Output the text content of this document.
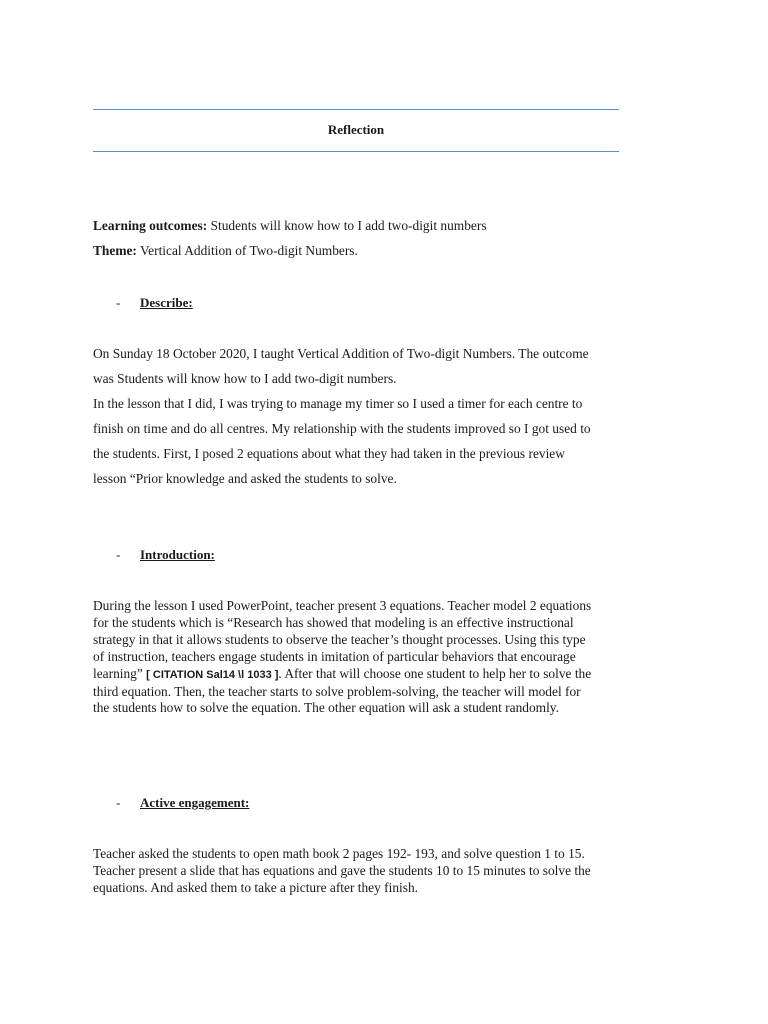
Reflection
Learning outcomes: Students will know how to I add two-digit numbers
Theme: Vertical Addition of Two-digit Numbers.
- Describe:

On Sunday 18 October 2020, I taught Vertical Addition of Two-digit Numbers. The outcome

was Students will know how to I add two-digit numbers.

In the lesson that I did, I was trying to manage my timer so I used a timer for each centre to

finish on time and do all centres. My relationship with the students improved so I got used to

the students. First, I posed 2 equations about what they had taken in the previous review

lesson “Prior knowledge and asked the students to solve.

- Introduction:

During the lesson I used PowerPoint, teacher present 3 equations. Teacher model 2 equations

for the students which is “Research has showed that modeling is an effective instructional

strategy in that it allows students to observe the teacher’s thought processes. Using this type

of instruction, teachers engage students in imitation of particular behaviors that encourage

learning” [ CITATION Sal14 \l 1033 ]. After that will choose one student to help her to solve the

third equation. Then, the teacher starts to solve problem-solving, the teacher will model for

the students how to solve the equation. The other equation will ask a student randomly.

- Active engagement:

Teacher asked the students to open math book 2 pages 192- 193, and solve question 1 to 15.

Teacher present a slide that has equations and gave the students 10 to 15 minutes to solve the

equations. And asked them to take a picture after they finish.
